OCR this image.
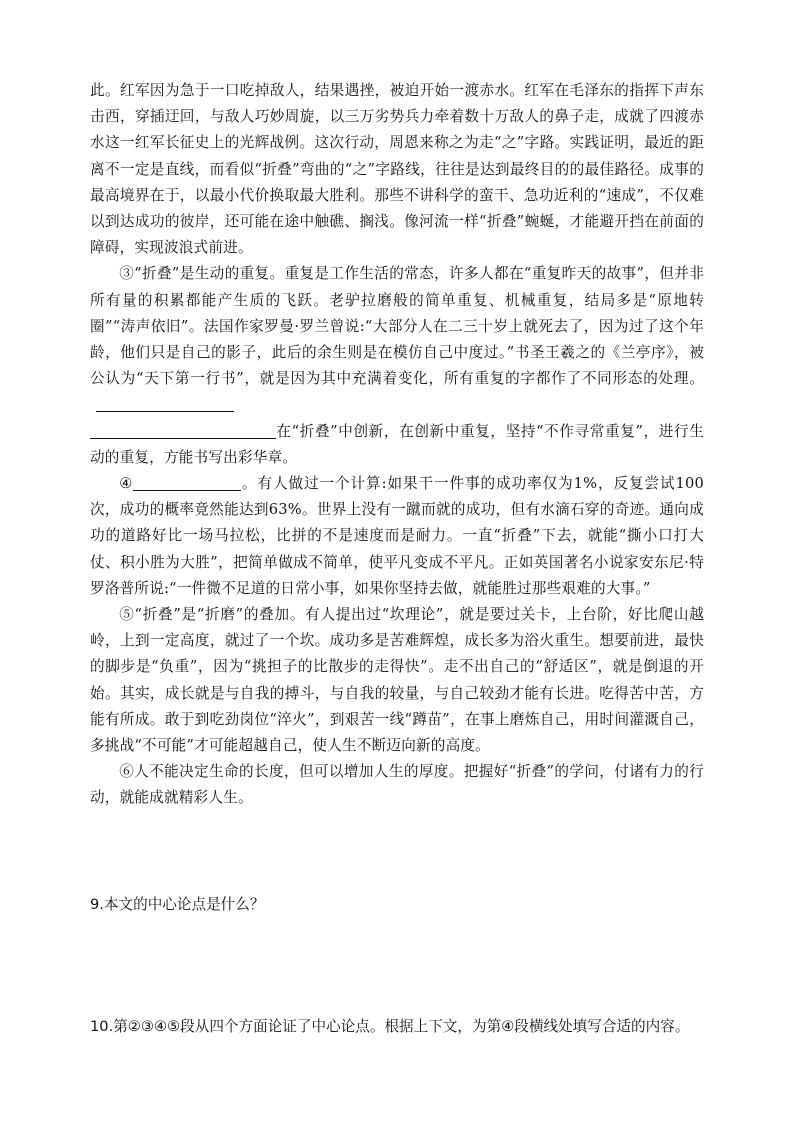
此。红军因为急于一口吃掉敌人，结果遇挫，被迫开始一渡赤水。红军在毛泽东的指挥下声东击西，穿插迂回，与敌人巧妙周旋，以三万劣势兵力牵着数十万敌人的鼻子走，成就了四渡赤水这一红军长征史上的光辉战例。这次行动，周恩来称之为走“之”字路。实践证明，最近的距离不一定是直线，而看似“折叠”弯曲的“之”字路线，往往是达到最终目的的最佳路径。成事的最高境界在于，以最小代价换取最大胜利。那些不讲科学的蛮干、急功近利的“速成”，不仅难以到达成功的彼岸，还可能在途中触礁、搁浅。像河流一样“折叠”蜿蜒，才能避开挡在前面的障碍，实现波浪式前进。

③“折叠”是生动的重复。重复是工作生活的常态，许多人都在“重复昨天的故事”，但并非所有量的积累都能产生质的飞跃。老驴拉磨般的简单重复、机械重复，结局多是“原地转圈”“涛声依旧”。法国作家罗曼·罗兰曾说:“大部分人在二三十岁上就死去了，因为过了这个年龄，他们只是自己的影子，此后的余生则是在模仿自己中度过。”书圣王羲之的《兰亭序》，被公认为“天下第一行书”，就是因为其中充满着变化，所有重复的字都作了不同形态的处理。
在“折叠”中创新，在创新中重复，坚持“不作寻常重复”，进行生动的重复，方能书写出彩华章。

④	。有人做过一个计算:如果干一件事的成功率仅为1%，反复尝试100次，成功的概率竟然能达到63%。世界上没有一蹴而就的成功，但有水滴石穿的奇迹。通向成功的道路好比一场马拉松，比拼的不是速度而是耐力。一直“折叠”下去，就能“撕小口打大仗、积小胜为大胜”，把简单做成不简单，使平凡变成不平凡。正如英国著名小说家安东尼·特罗洛普所说:“一件微不足道的日常小事，如果你坚持去做，就能胜过那些艰难的大事。”

⑤“折叠”是“折磨”的叠加。有人提出过“坎理论”，就是要过关卡，上台阶，好比爬山越岭，上到一定高度，就过了一个坎。成功多是苦难辉煌，成长多为浴火重生。想要前进，最快的脚步是“负重”，因为“挑担子的比散步的走得快”。走不出自己的“舒适区”，就是倒退的开始。其实，成长就是与自我的搏斗，与自我的较量，与自己较劲才能有长进。吃得苦中苦，方能有所成。敢于到吃劲岗位“淬火”，到艰苦一线“蹲苗”，在事上磨炼自己，用时间灌溉自己，多挑战“不可能”才可能超越自己，使人生不断迈向新的高度。

⑥人不能决定生命的长度，但可以增加人生的厚度。把握好“折叠”的学问，付诸有力的行动，就能成就精彩人生。

9.本文的中心论点是什么？
10.第②③④⑤段从四个方面论证了中心论点。根据上下文，为第④段横线处填写合适的内容。
